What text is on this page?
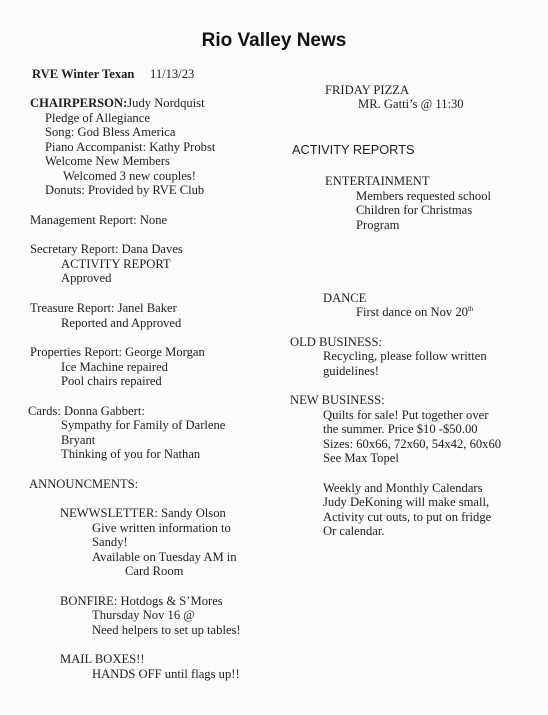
Rio Valley News
RVE Winter Texan 11/13/23
CHAIRPERSON:Judy Nordquist
Pledge of Allegiance
Song: God Bless America
Piano Accompanist: Kathy Probst
Welcome New Members
Welcomed 3 new couples!
Donuts: Provided by RVE Club
Management Report: None
Secretary Report: Dana Daves
ACTIVITY REPORT
Approved
Treasure Report: Janel Baker
Reported and Approved
Properties Report: George Morgan
Ice Machine repaired
Pool chairs repaired
Cards: Donna Gabbert:
Sympathy for Family of Darlene
Bryant
Thinking of you for Nathan
ANNOUNCMENTS:
NEWWSLETTER: Sandy Olson
Give written information to
Sandy!
Available on Tuesday AM in
Card Room
BONFIRE: Hotdogs & S’Mores
Thursday Nov 16 @
Need helpers to set up tables!
MAIL BOXES!!
HANDS OFF until flags up!!
FRIDAY PIZZA
MR. Gatti’s @ 11:30
ACTIVITY REPORTS
ENTERTAINMENT
Members requested school
Children for Christmas
Program
DANCE
First dance on Nov 20th
OLD BUSINESS:
Recycling, please follow written
guidelines!
NEW BUSINESS:
Quilts for sale! Put together over
the summer. Price $10 -$50.00
Sizes: 60x66, 72x60, 54x42, 60x60
See Max Topel
Weekly and Monthly Calendars
Judy DeKoning will make small,
Activity cut outs, to put on fridge
Or calendar.
